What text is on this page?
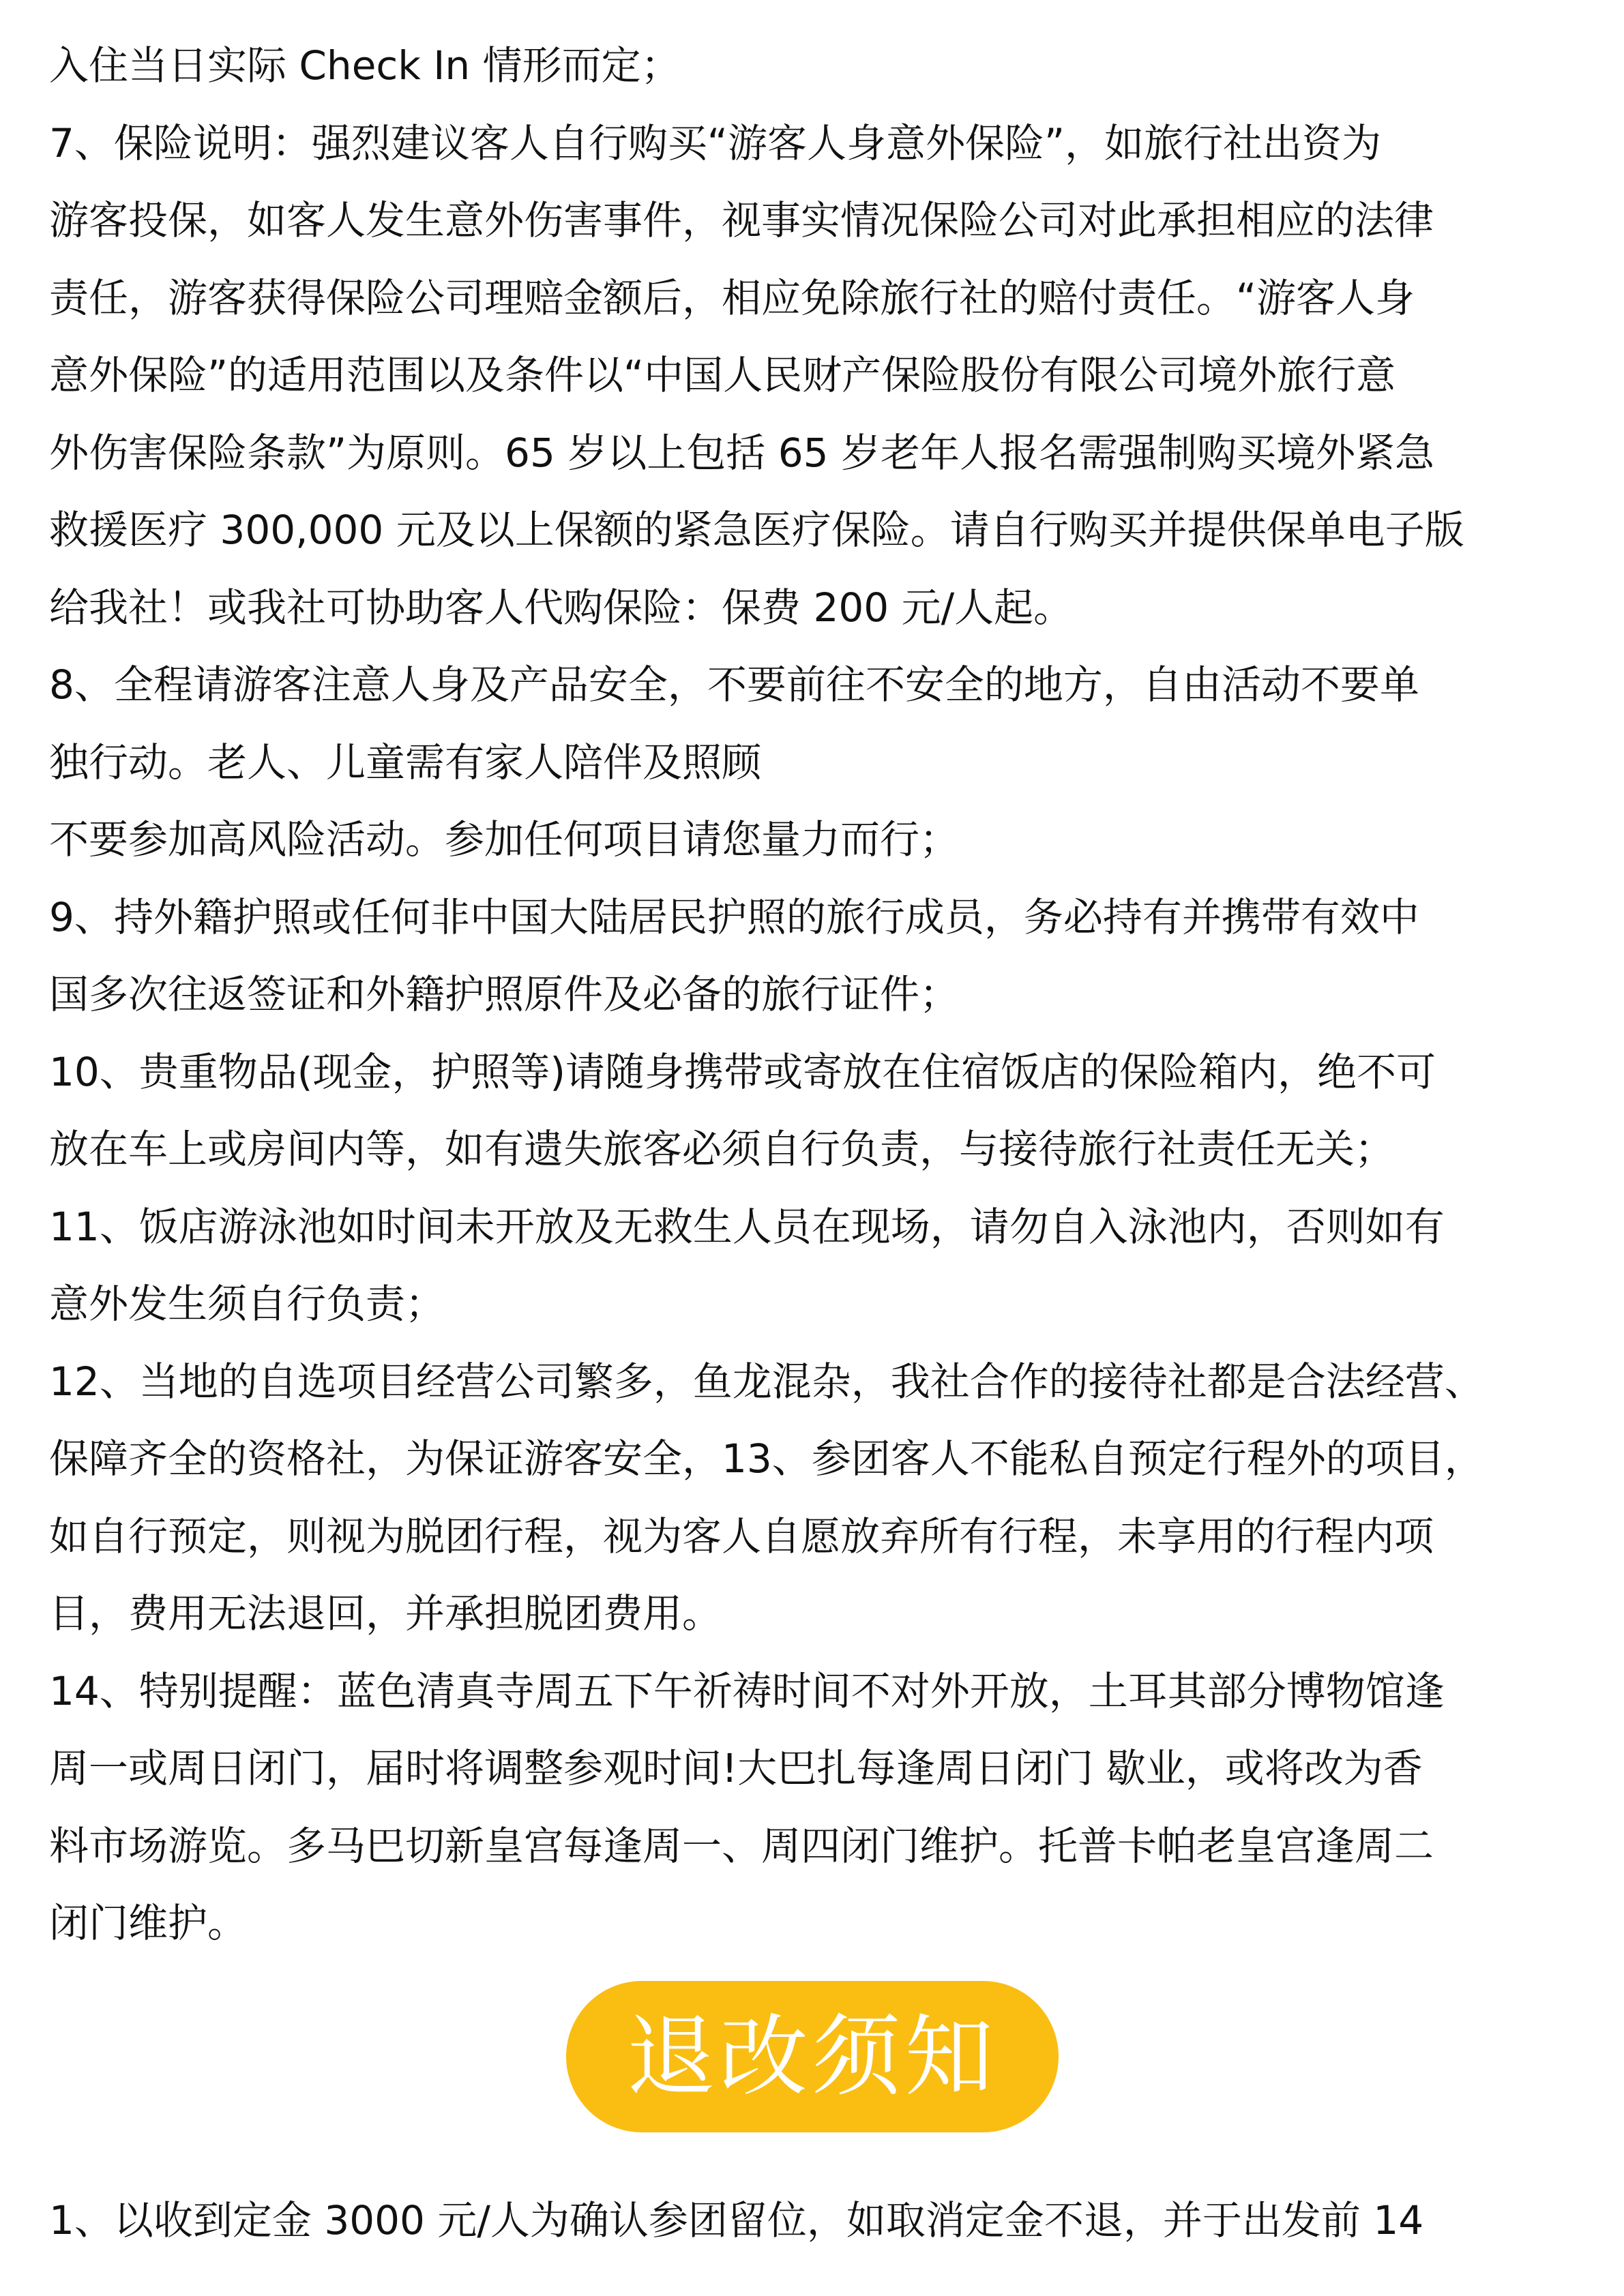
入住当日实际 Check In 情形而定；
7、保险说明：强烈建议客人自行购买“游客人身意外保险”，如旅行社出资为
游客投保，如客人发生意外伤害事件，视事实情况保险公司对此承担相应的法律
责任，游客获得保险公司理赔金额后，相应免除旅行社的赔付责任。“游客人身
意外保险”的适用范围以及条件以“中国人民财产保险股份有限公司境外旅行意
外伤害保险条款”为原则。65 岁以上包括 65 岁老年人报名需强制购买境外紧急
救援医疗 300,000 元及以上保额的紧急医疗保险。请自行购买并提供保单电子版
给我社！或我社可协助客人代购保险：保费 200 元/人起。
8、全程请游客注意人身及产品安全，不要前往不安全的地方，自由活动不要单
独行动。老人、儿童需有家人陪伴及照顾
不要参加高风险活动。参加任何项目请您量力而行；
9、持外籍护照或任何非中国大陆居民护照的旅行成员，务必持有并携带有效中
国多次往返签证和外籍护照原件及必备的旅行证件；
10、贵重物品(现金，护照等)请随身携带或寄放在住宿饭店的保险箱内，绝不可
放在车上或房间内等，如有遗失旅客必须自行负责，与接待旅行社责任无关；
11、饭店游泳池如时间未开放及无救生人员在现场，请勿自入泳池内，否则如有
意外发生须自行负责；
12、当地的自选项目经营公司繁多，鱼龙混杂，我社合作的接待社都是合法经营、
保障齐全的资格社，为保证游客安全，13、参团客人不能私自预定行程外的项目，
如自行预定，则视为脱团行程，视为客人自愿放弃所有行程，未享用的行程内项
目，费用无法退回，并承担脱团费用。
14、特别提醒：蓝色清真寺周五下午祈祷时间不对外开放，土耳其部分博物馆逢
周一或周日闭门，届时将调整参观时间!大巴扎每逢周日闭门 歇业，或将改为香
料市场游览。多马巴切新皇宫每逢周一、周四闭门维护。托普卡帕老皇宫逢周二
闭门维护。
退改须知
1、以收到定金 3000 元/人为确认参团留位，如取消定金不退，并于出发前 14
